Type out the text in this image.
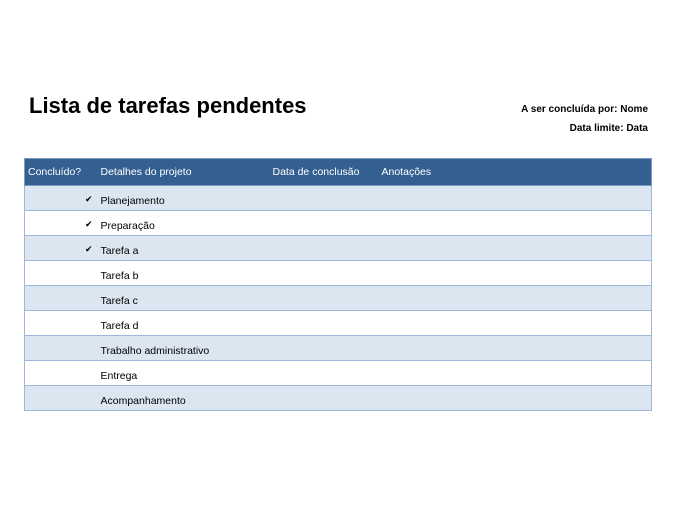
Lista de tarefas pendentes	A ser concluída por: Nome
Data limite: Data
Concluído?	Detalhes do projeto	Data de conclusão	Anotações
✔	Planejamento		
✔	Preparação		
✔	Tarefa a		
	Tarefa b		
	Tarefa c		
	Tarefa d		
	Trabalho administrativo		
	Entrega		
	Acompanhamento		
